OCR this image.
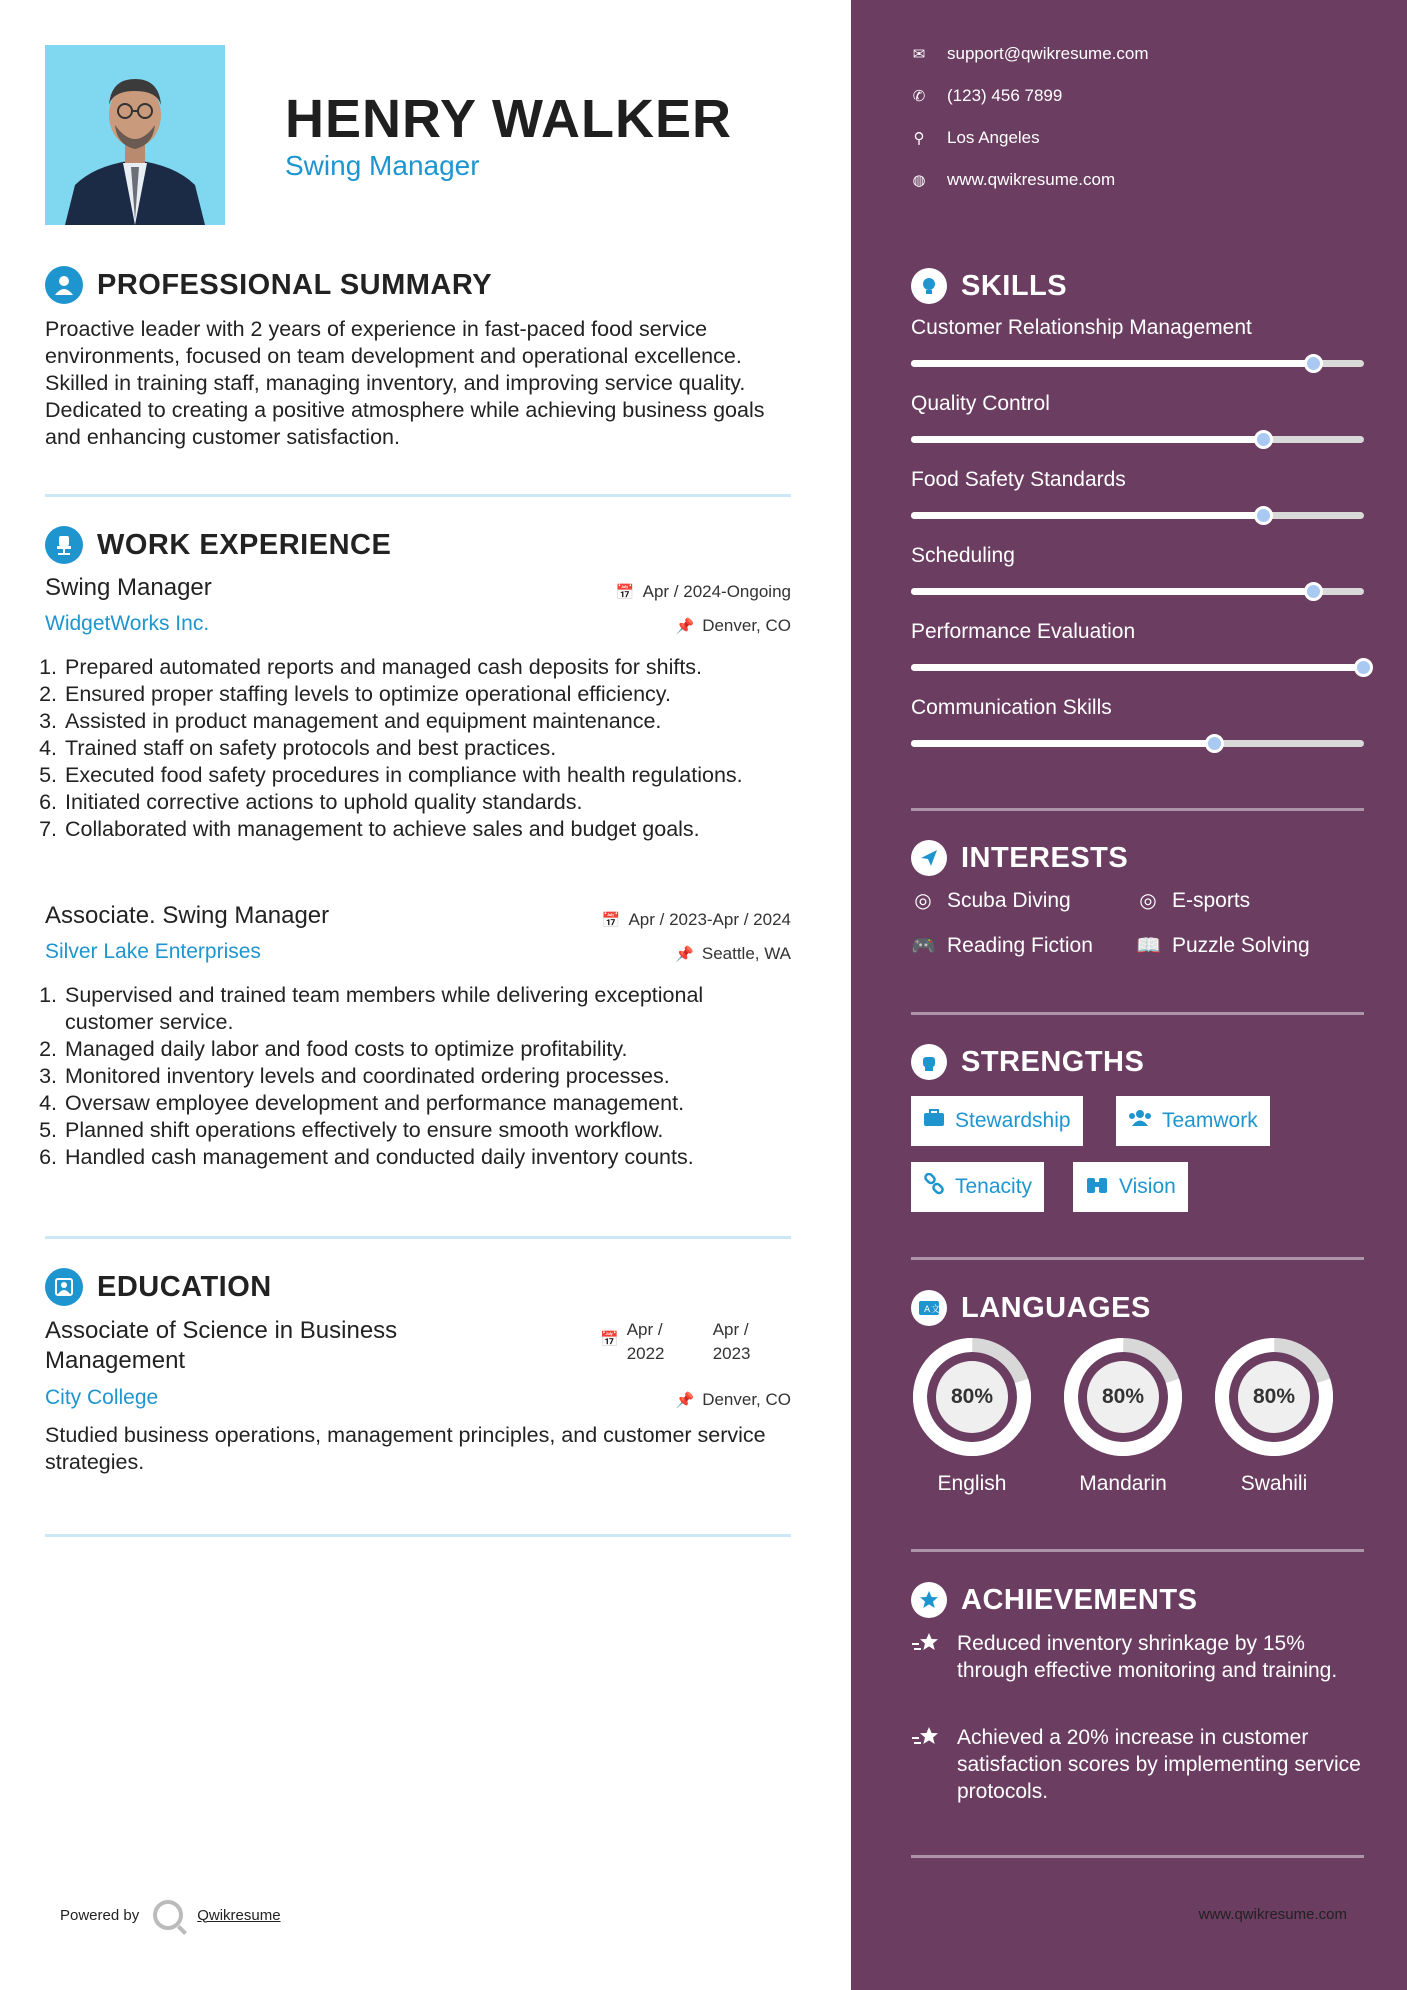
HENRY WALKER
Swing Manager
PROFESSIONAL SUMMARY
Proactive leader with 2 years of experience in fast-paced food service environments, focused on team development and operational excellence. Skilled in training staff, managing inventory, and improving service quality. Dedicated to creating a positive atmosphere while achieving business goals and enhancing customer satisfaction.
WORK EXPERIENCE
Swing Manager	📅 Apr / 2024-Ongoing
WidgetWorks Inc.	📌 Denver, CO
1. Prepared automated reports and managed cash deposits for shifts.
2. Ensured proper staffing levels to optimize operational efficiency.
3. Assisted in product management and equipment maintenance.
4. Trained staff on safety protocols and best practices.
5. Executed food safety procedures in compliance with health regulations.
6. Initiated corrective actions to uphold quality standards.
7. Collaborated with management to achieve sales and budget goals.
Associate. Swing Manager	📅 Apr / 2023-Apr / 2024
Silver Lake Enterprises	📌 Seattle, WA
1. Supervised and trained team members while delivering exceptional customer service.
2. Managed daily labor and food costs to optimize profitability.
3. Monitored inventory levels and coordinated ordering processes.
4. Oversaw employee development and performance management.
5. Planned shift operations effectively to ensure smooth workflow.
6. Handled cash management and conducted daily inventory counts.
EDUCATION
Associate of Science in Business Management
📅
Apr / 2022
Apr / 2023
City College	📌 Denver, CO
Studied business operations, management principles, and customer service strategies.
Powered by	Qwikresume
✉ support@qwikresume.com
✆ (123) 456 7899
⚲ Los Angeles
◍ www.qwikresume.com
SKILLS
Customer Relationship Management
Quality Control
Food Safety Standards
Scheduling
Performance Evaluation
Communication Skills
INTERESTS
◎ Scuba Diving	◎ E-sports
🎮 Reading Fiction 📖 Puzzle Solving
STRENGTHS
Stewardship	Teamwork
Tenacity	Vision
A 文 LANGUAGES
80%
English
80%
Mandarin
80%
Swahili
ACHIEVEMENTS
Reduced inventory shrinkage by 15% through effective monitoring and training.
Achieved a 20% increase in customer satisfaction scores by implementing service protocols.
www.qwikresume.com
